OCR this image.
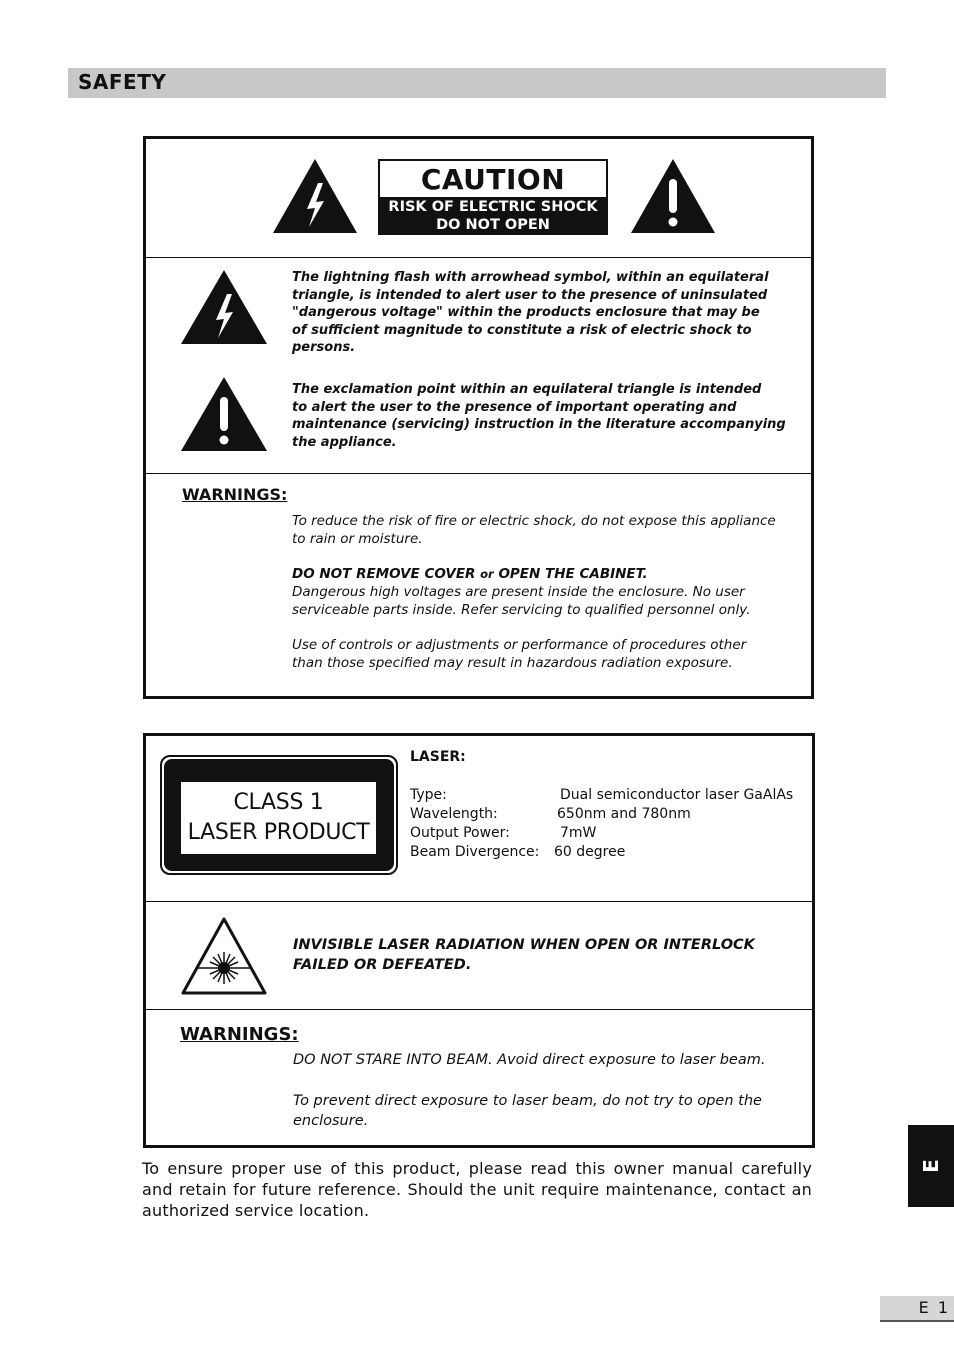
SAFETY
CAUTION
RISK OF ELECTRIC SHOCK
DO NOT OPEN
The lightning flash with arrowhead symbol, within an equilateral
triangle, is intended to alert user to the presence of uninsulated
"dangerous voltage" within the products enclosure that may be
of sufficient magnitude to constitute a risk of electric shock to
persons.
The exclamation point within an equilateral triangle is intended
to alert the user to the presence of important operating and
maintenance (servicing) instruction in the literature accompanying
the appliance.
WARNINGS:
To reduce the risk of fire or electric shock, do not expose this appliance
to rain or moisture.
DO NOT REMOVE COVER or OPEN THE CABINET.
Dangerous high voltages are present inside the enclosure. No user
serviceable parts inside. Refer servicing to qualified personnel only.
Use of controls or adjustments or performance of procedures other
than those specified may result in hazardous radiation exposure.
CLASS 1
LASER PRODUCT
LASER:
Type:	Dual semiconductor laser GaAlAs
Wavelength:	650nm and 780nm
Output Power:	7mW
Beam Divergence: 60 degree
INVISIBLE LASER RADIATION WHEN OPEN OR INTERLOCK
FAILED OR DEFEATED.
WARNINGS:
DO NOT STARE INTO BEAM. Avoid direct exposure to laser beam.
To prevent direct exposure to laser beam, do not try to open the
enclosure.
To ensure proper use of this product, please read this owner manual carefully and retain for future reference. Should the unit require maintenance, contact an authorized service location.
E
E 1
